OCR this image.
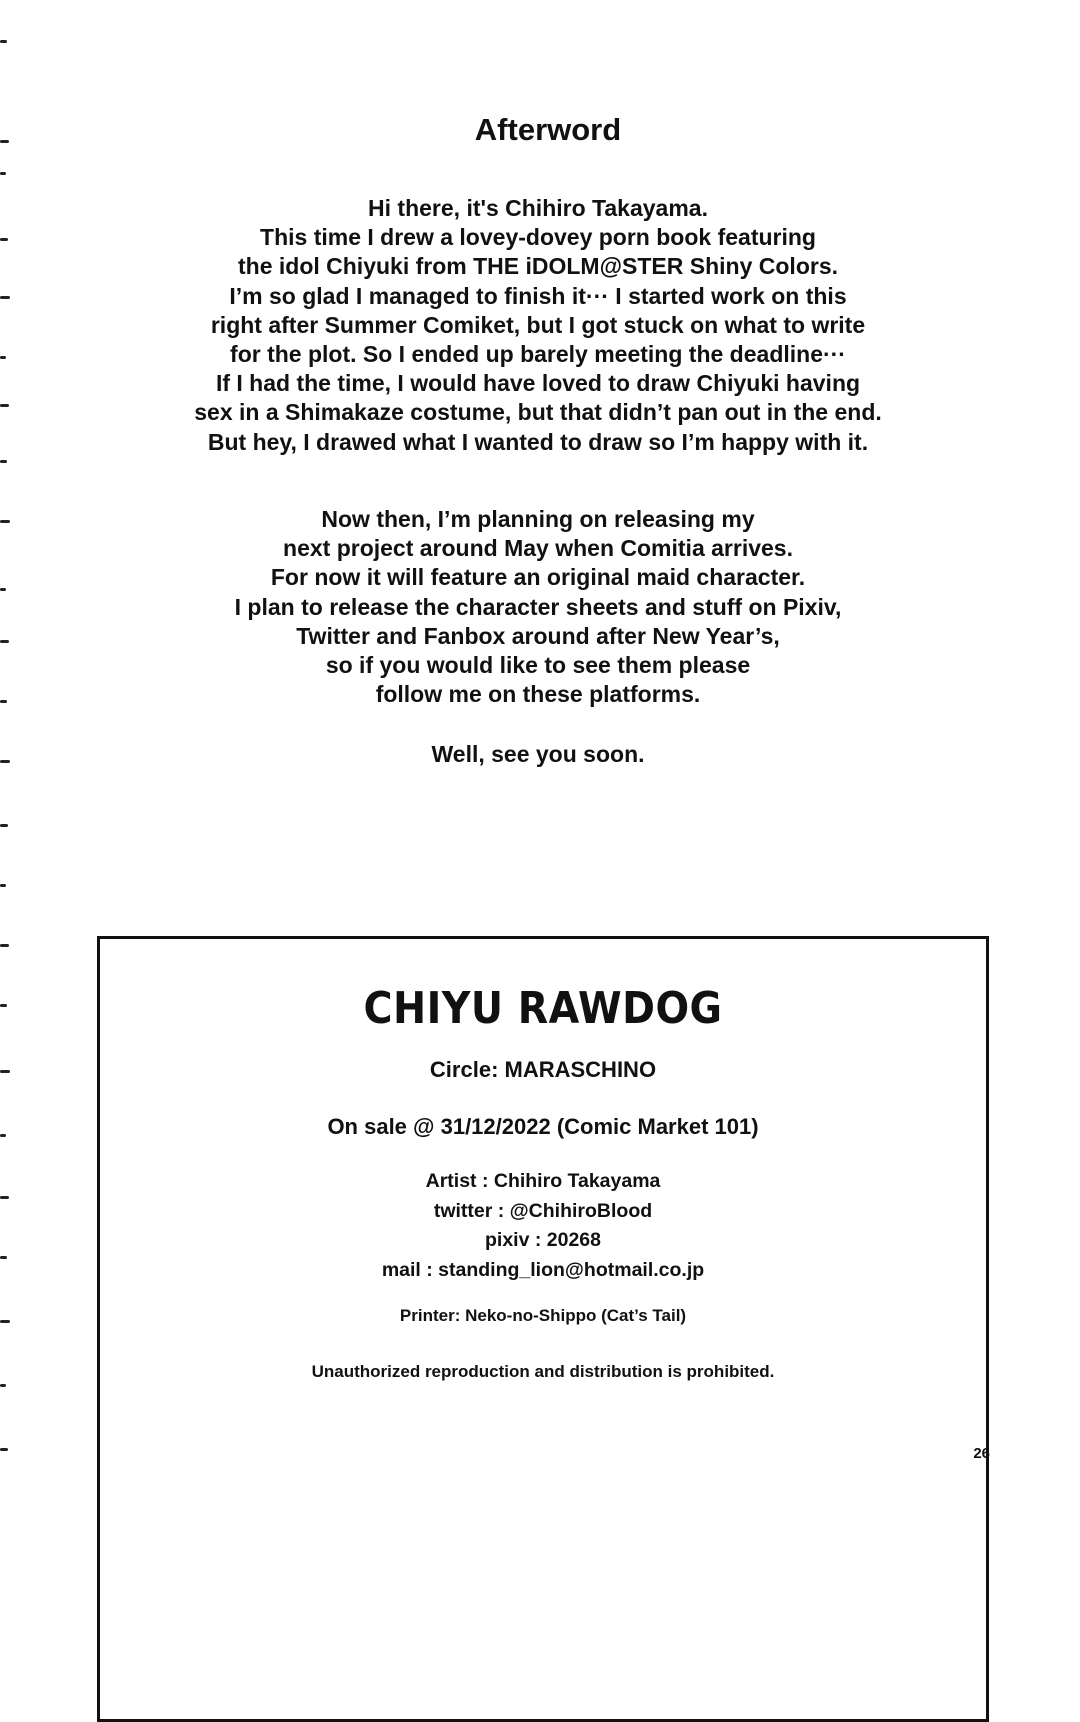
Afterword
Hi there, it's Chihiro Takayama.
This time I drew a lovey-dovey porn book featuring
the idol Chiyuki from THE iDOLM@STER Shiny Colors.
I’m so glad I managed to finish it··· I started work on this
right after Summer Comiket, but I got stuck on what to write
for the plot. So I ended up barely meeting the deadline···
If I had the time, I would have loved to draw Chiyuki having
sex in a Shimakaze costume, but that didn’t pan out in the end.
But hey, I drawed what I wanted to draw so I’m happy with it.
Now then, I’m planning on releasing my
next project around May when Comitia arrives.
For now it will feature an original maid character.
I plan to release the character sheets and stuff on Pixiv,
Twitter and Fanbox around after New Year’s,
so if you would like to see them please
follow me on these platforms.
Well, see you soon.
CHIYU RAWDOG
Circle: MARASCHINO
On sale @ 31/12/2022 (Comic Market 101)
Artist : Chihiro Takayama
twitter : @ChihiroBlood
pixiv : 20268
mail : standing_lion@hotmail.co.jp
Printer: Neko-no-Shippo (Cat’s Tail)
Unauthorized reproduction and distribution is prohibited.
26
